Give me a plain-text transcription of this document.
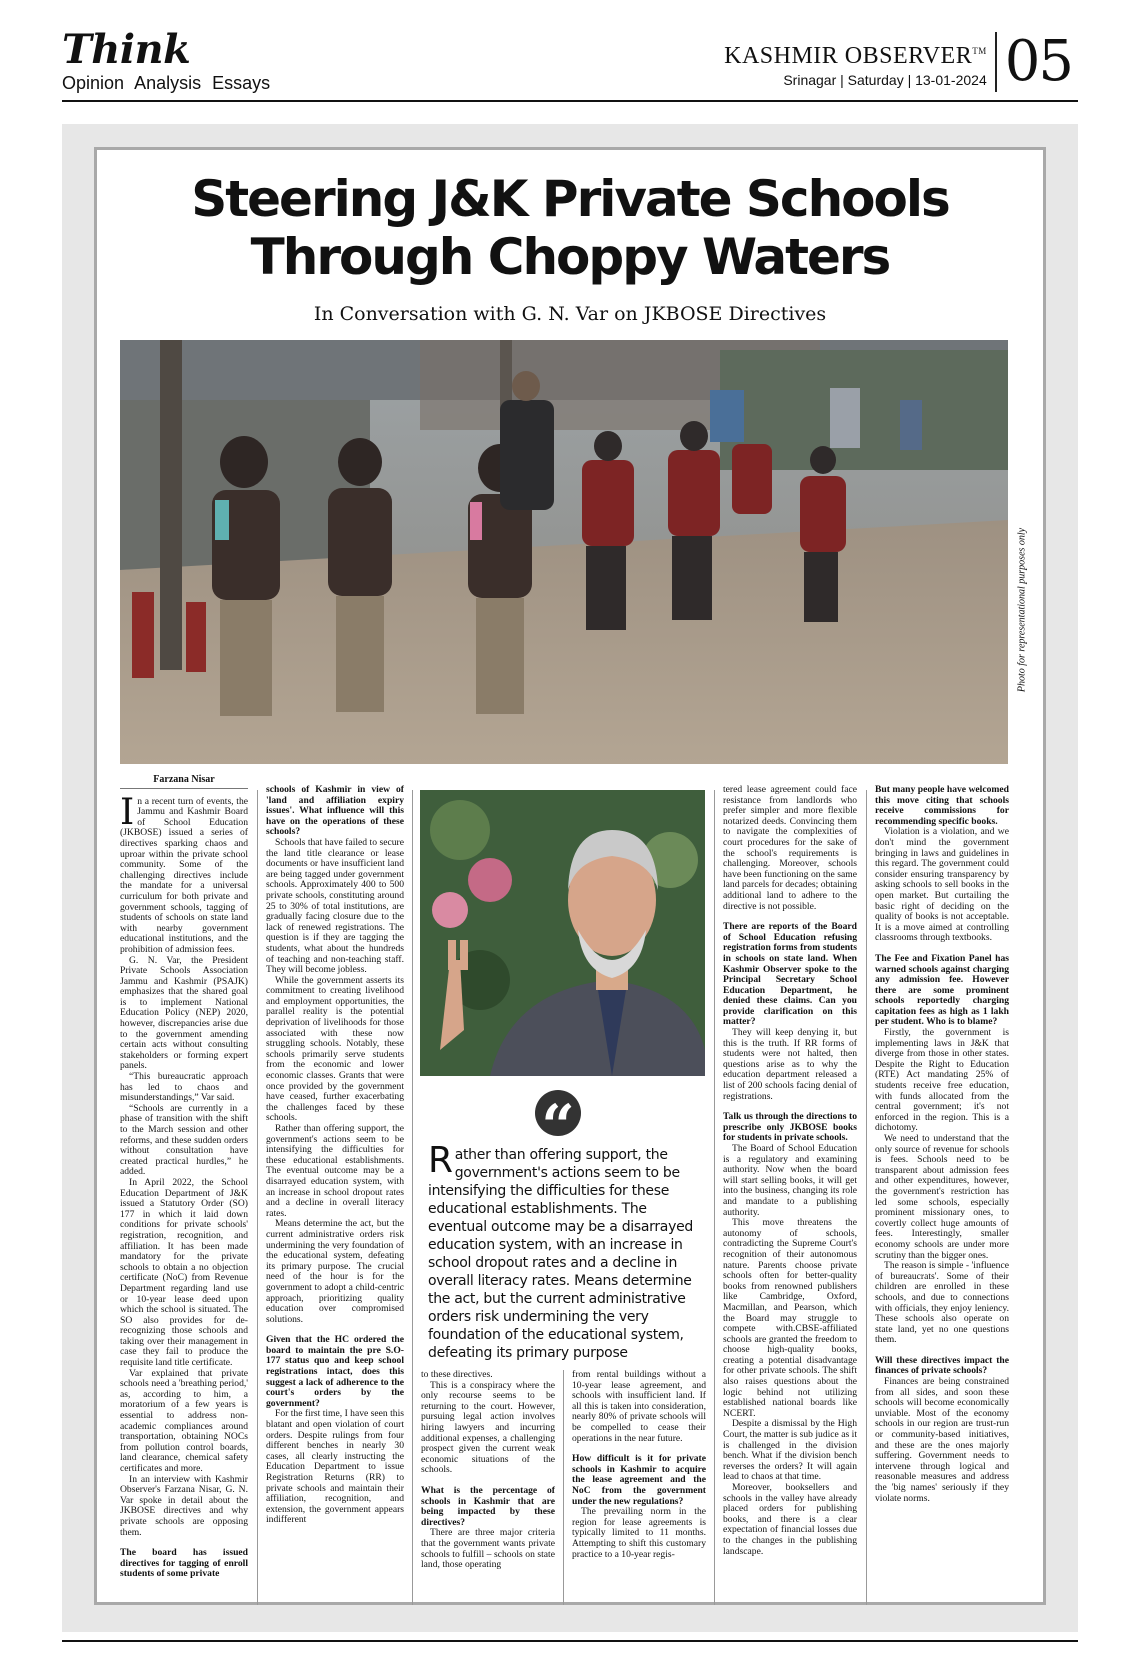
Think
Opinion Analysis Essays
KASHMIR OBSERVER™
Srinagar | Saturday | 13-01-2024 05
Steering J&K Private Schools
Through Choppy Waters
In Conversation with G. N. Var on JKBOSE Directives
Photo for representational purposes only
Farzana Nisar

In a recent turn of events, the Jammu and Kashmir Board of School Education (JKBOSE) issued a series of directives sparking chaos and uproar within the private school community. Some of the challenging directives include the mandate for a universal curriculum for both private and government schools, tagging of students of schools on state land with nearby government educational institutions, and the prohibition of admission fees.

G. N. Var, the President Private Schools Association Jammu and Kashmir (PSAJK) emphasizes that the shared goal is to implement National Education Policy (NEP) 2020, however, discrepancies arise due to the government amending certain acts without consulting stakeholders or forming expert panels.

“This bureaucratic approach has led to chaos and misunderstandings,” Var said.

“Schools are currently in a phase of transition with the shift to the March session and other reforms, and these sudden orders without consultation have created practical hurdles,” he added.

In April 2022, the School Education Department of J&K issued a Statutory Order (SO) 177 in which it laid down conditions for private schools' registration, recognition, and affiliation. It has been made mandatory for the private schools to obtain a no objection certificate (NoC) from Revenue Department regarding land use or 10-year lease deed upon which the school is situated. The SO also provides for de-recognizing those schools and taking over their management in case they fail to produce the requisite land title certificate.

Var explained that private schools need a 'breathing period,' as, according to him, a moratorium of a few years is essential to address non-academic compliances around transportation, obtaining NOCs from pollution control boards, land clearance, chemical safety certificates and more.

In an interview with Kashmir Observer's Farzana Nisar, G. N. Var spoke in detail about the JKBOSE directives and why private schools are opposing them.

The board has issued directives for tagging of enroll students of some private

schools of Kashmir in view of 'land and affiliation expiry issues'. What influence will this have on the operations of these schools?

Schools that have failed to secure the land title clearance or lease documents or have insufficient land are being tagged under government schools. Approximately 400 to 500 private schools, constituting around 25 to 30% of total institutions, are gradually facing closure due to the lack of renewed registrations. The question is if they are tagging the students, what about the hundreds of teaching and non-teaching staff. They will become jobless.

While the government asserts its commitment to creating livelihood and employment opportunities, the parallel reality is the potential deprivation of livelihoods for those associated with these now struggling schools. Notably, these schools primarily serve students from the economic and lower economic classes. Grants that were once provided by the government have ceased, further exacerbating the challenges faced by these schools.

Rather than offering support, the government's actions seem to be intensifying the difficulties for these educational establishments. The eventual outcome may be a disarrayed education system, with an increase in school dropout rates and a decline in overall literacy rates.

Means determine the act, but the current administrative orders risk undermining the very foundation of the educational system, defeating its primary purpose. The crucial need of the hour is for the government to adopt a child-centric approach, prioritizing quality education over compromised solutions.

Given that the HC ordered the board to maintain the pre S.O-177 status quo and keep school registrations intact, does this suggest a lack of adherence to the court's orders by the government?

For the first time, I have seen this blatant and open violation of court orders. Despite rulings from four different benches in nearly 30 cases, all clearly instructing the Education Department to issue Registration Returns (RR) to private schools and maintain their affiliation, recognition, and extension, the government appears indifferent

“
Rather than offering support, the government's actions seem to be intensifying the difficulties for these educational establishments. The eventual outcome may be a disarrayed education system, with an increase in school dropout rates and a decline in overall literacy rates. Means determine the act, but the current administrative orders risk undermining the very foundation of the educational system, defeating its primary purpose

to these directives.

This is a conspiracy where the only recourse seems to be returning to the court. However, pursuing legal action involves hiring lawyers and incurring additional expenses, a challenging prospect given the current weak economic situations of the schools.

What is the percentage of schools in Kashmir that are being impacted by these directives?

There are three major criteria that the government wants private schools to fulfill – schools on state land, those operating

from rental buildings without a 10-year lease agreement, and schools with insufficient land. If all this is taken into consideration, nearly 80% of private schools will be compelled to cease their operations in the near future.

How difficult is it for private schools in Kashmir to acquire the lease agreement and the NoC from the government under the new regulations?

The prevailing norm in the region for lease agreements is typically limited to 11 months. Attempting to shift this customary practice to a 10-year regis-

tered lease agreement could face resistance from landlords who prefer simpler and more flexible notarized deeds. Convincing them to navigate the complexities of court procedures for the sake of the school's requirements is challenging. Moreover, schools have been functioning on the same land parcels for decades; obtaining additional land to adhere to the directive is not possible.

There are reports of the Board of School Education refusing registration forms from students in schools on state land. When Kashmir Observer spoke to the Principal Secretary School Education Department, he denied these claims. Can you provide clarification on this matter?

They will keep denying it, but this is the truth. If RR forms of students were not halted, then questions arise as to why the education department released a list of 200 schools facing denial of registrations.

Talk us through the directions to prescribe only JKBOSE books for students in private schools.

The Board of School Education is a regulatory and examining authority. Now when the board will start selling books, it will get into the business, changing its role and mandate to a publishing authority.

This move threatens the autonomy of schools, contradicting the Supreme Court's recognition of their autonomous nature. Parents choose private schools often for better-quality books from renowned publishers like Cambridge, Oxford, Macmillan, and Pearson, which the Board may struggle to compete with.CBSE-affiliated schools are granted the freedom to choose high-quality books, creating a potential disadvantage for other private schools. The shift also raises questions about the logic behind not utilizing established national boards like NCERT.

Despite a dismissal by the High Court, the matter is sub judice as it is challenged in the division bench. What if the division bench reverses the orders? It will again lead to chaos at that time.

Moreover, booksellers and schools in the valley have already placed orders for publishing books, and there is a clear expectation of financial losses due to the changes in the publishing landscape.

But many people have welcomed this move citing that schools receive commissions for recommending specific books.

Violation is a violation, and we don't mind the government bringing in laws and guidelines in this regard. The government could consider ensuring transparency by asking schools to sell books in the open market. But curtailing the basic right of deciding on the quality of books is not acceptable. It is a move aimed at controlling classrooms through textbooks.

The Fee and Fixation Panel has warned schools against charging any admission fee. However there are some prominent schools reportedly charging capitation fees as high as 1 lakh per student. Who is to blame?

Firstly, the government is implementing laws in J&K that diverge from those in other states. Despite the Right to Education (RTE) Act mandating 25% of students receive free education, with funds allocated from the central government; it's not enforced in the region. This is a dichotomy.

We need to understand that the only source of revenue for schools is fees. Schools need to be transparent about admission fees and other expenditures, however, the government's restriction has led some schools, especially prominent missionary ones, to covertly collect huge amounts of fees. Interestingly, smaller economy schools are under more scrutiny than the bigger ones.

The reason is simple - 'influence of bureaucrats'. Some of their children are enrolled in these schools, and due to connections with officials, they enjoy leniency. These schools also operate on state land, yet no one questions them.

Will these directives impact the finances of private schools?

Finances are being constrained from all sides, and soon these schools will become economically unviable. Most of the economy schools in our region are trust-run or community-based initiatives, and these are the ones majorly suffering. Government needs to intervene through logical and reasonable measures and address the 'big names' seriously if they violate norms.
